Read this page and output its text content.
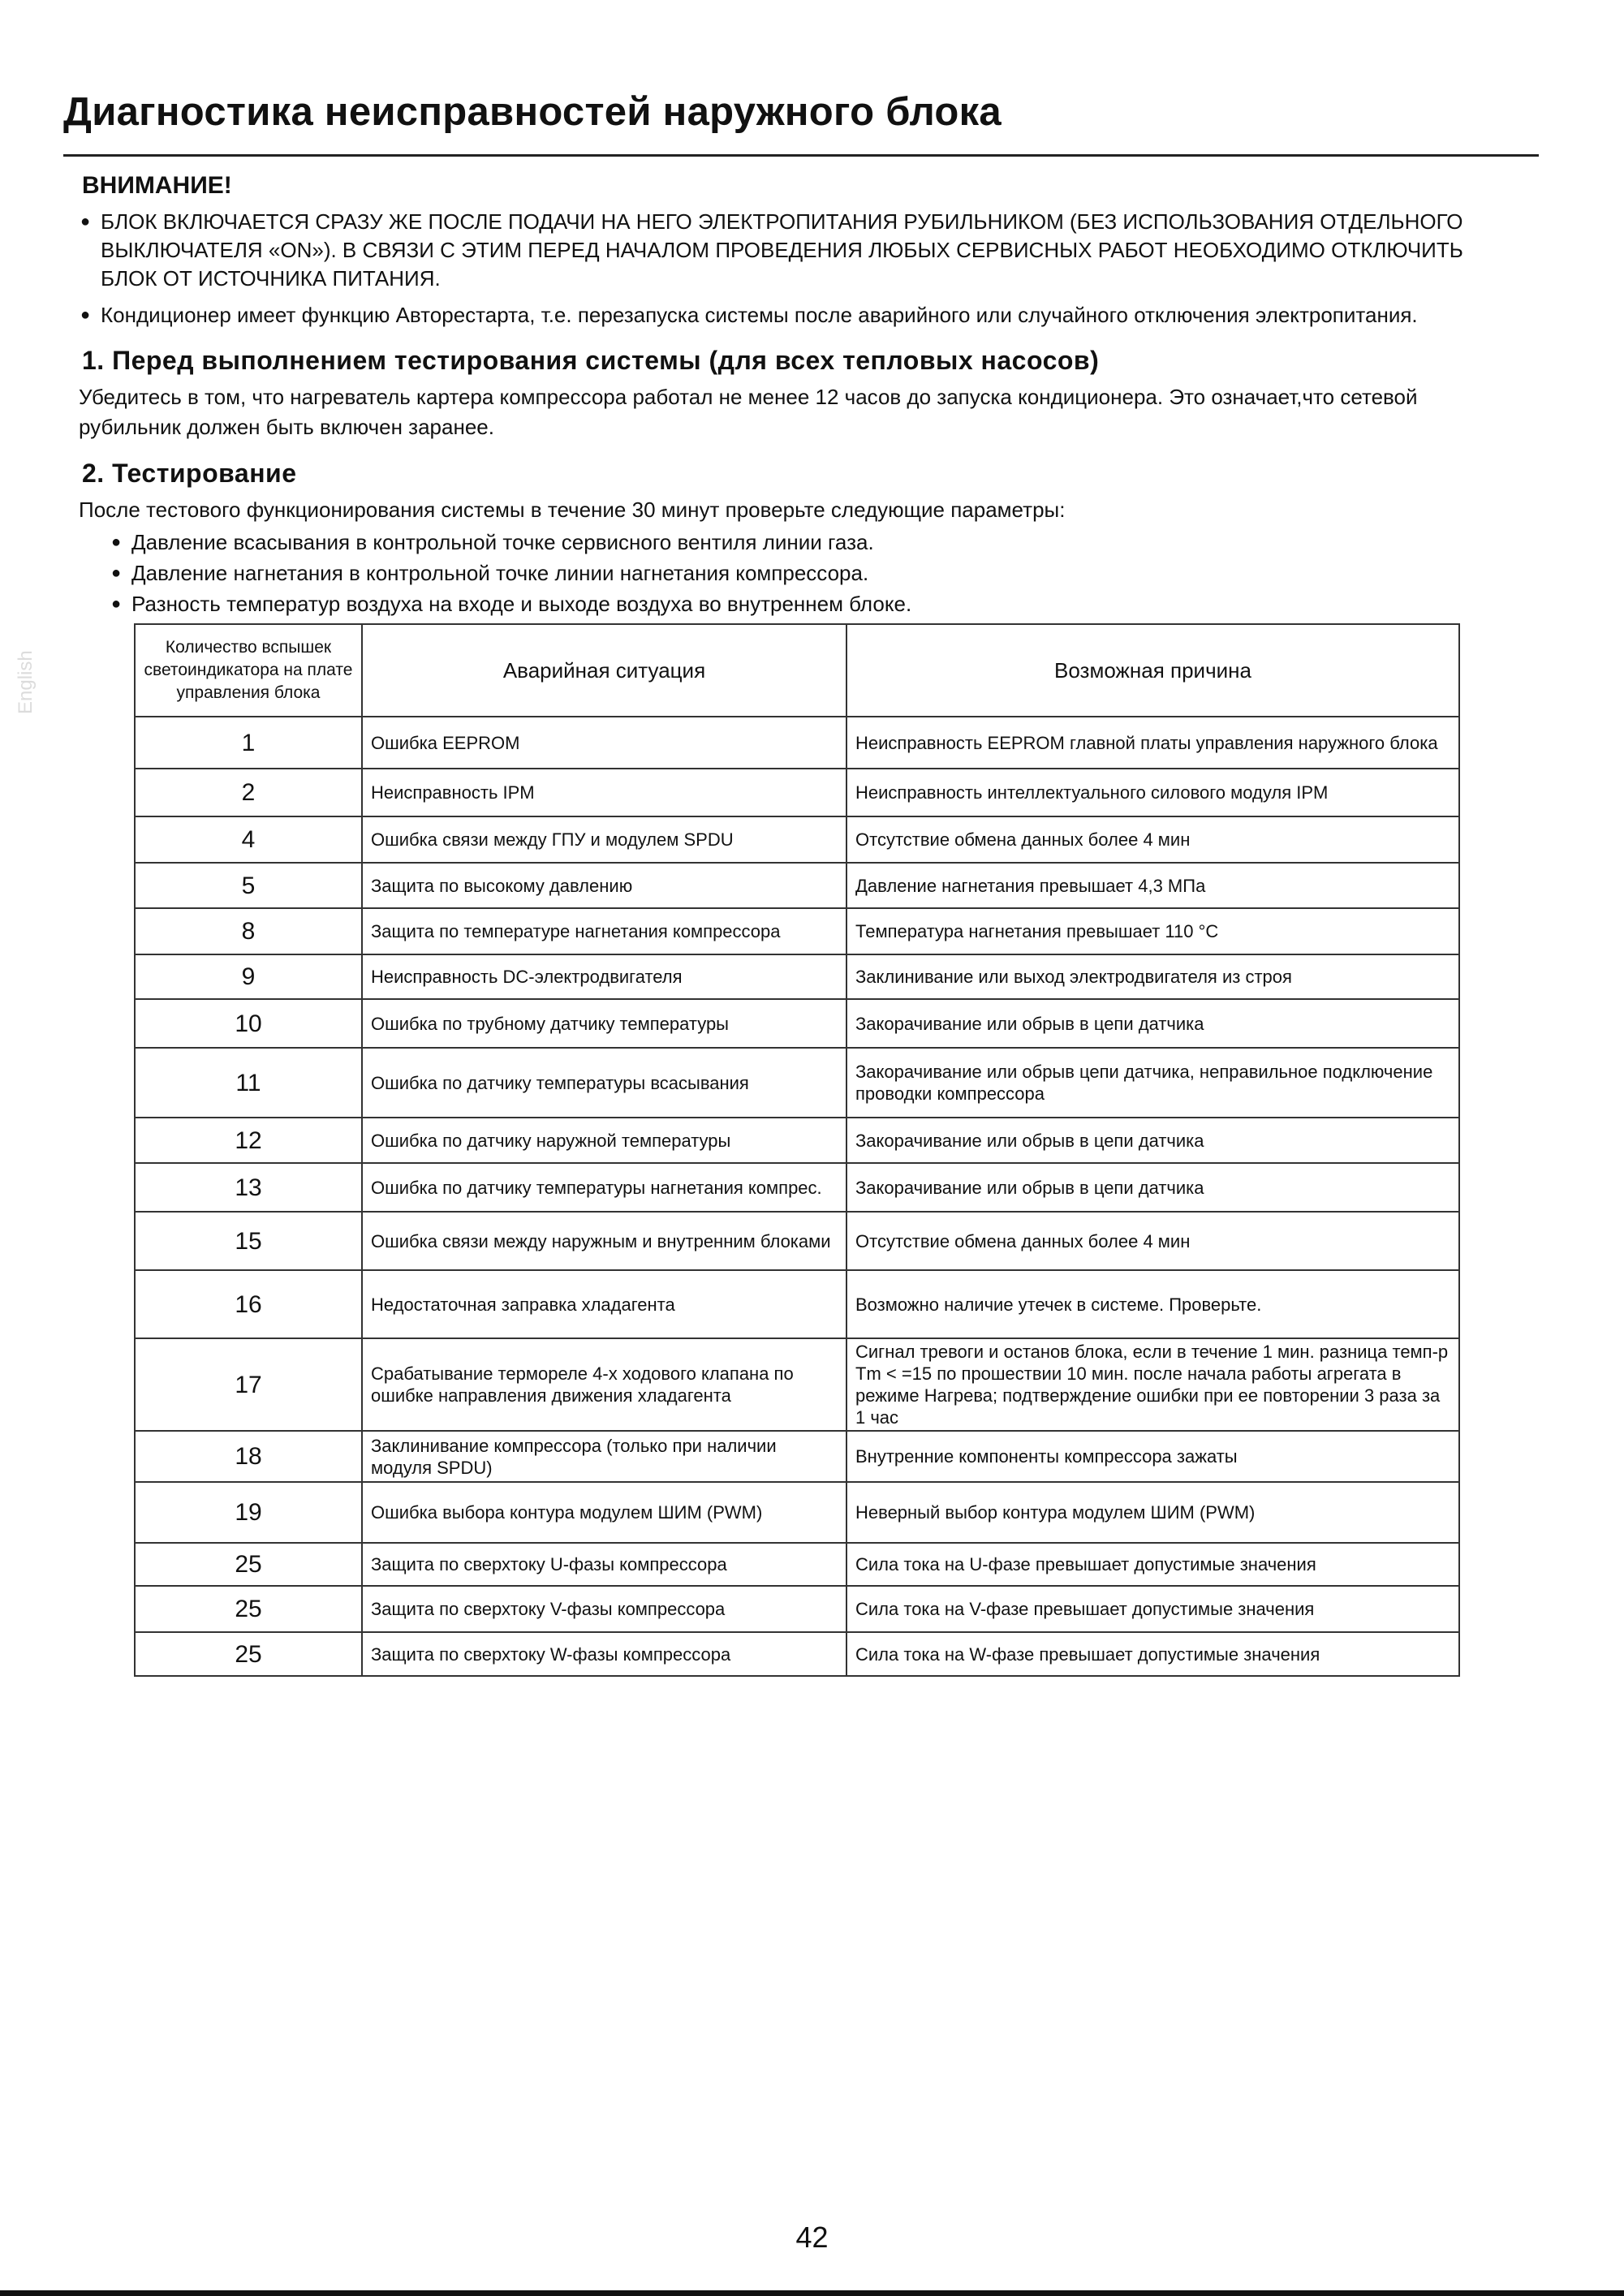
Диагностика неисправностей наружного блока
English
ВНИМАНИЕ!
● БЛОК ВКЛЮЧАЕТСЯ СРАЗУ ЖЕ ПОСЛЕ ПОДАЧИ НА НЕГО ЭЛЕКТРОПИТАНИЯ РУБИЛЬНИКОМ (БЕЗ ИСПОЛЬЗОВАНИЯ ОТДЕЛЬНОГО ВЫКЛЮЧАТЕЛЯ «ON»). В СВЯЗИ С ЭТИМ ПЕРЕД НАЧАЛОМ ПРОВЕДЕНИЯ ЛЮБЫХ СЕРВИСНЫХ РАБОТ НЕОБХОДИМО ОТКЛЮЧИТЬ БЛОК ОТ ИСТОЧНИКА ПИТАНИЯ.
● Кондиционер имеет функцию Авторестарта, т.е. перезапуска системы после аварийного или случайного отключения электропитания.
1. Перед выполнением тестирования системы (для всех тепловых насосов)

Убедитесь в том, что нагреватель картера компрессора работал не менее 12 часов до запуска кондиционера. Это означает,что сетевой рубильник должен быть включен заранее.

2. Тестирование

После тестового функционирования системы в течение 30 минут проверьте следующие параметры:

● Давление всасывания в контрольной точке сервисного вентиля линии газа.
● Давление нагнетания в контрольной точке линии нагнетания компрессора.
● Разность температур воздуха на входе и выходе воздуха во внутреннем блоке.
Количество вспышек светоиндикатора на плате управления блока	Аварийная ситуация	Возможная причина
1	Ошибка EEPROM	Неисправность EEPROM главной платы управления наружного блока
2	Неисправность IPM	Неисправность интеллектуального силового модуля IPM
4	Ошибка связи между ГПУ и модулем SPDU	Отсутствие обмена данных более 4 мин
5	Защита по высокому давлению	Давление нагнетания превышает 4,3 МПа
8	Защита по температуре нагнетания компрессора	Температура нагнетания превышает 110 °С
9	Неисправность DC-электродвигателя	Заклинивание или выход электродвигателя из строя
10	Ошибка по трубному датчику температуры	Закорачивание или обрыв в цепи датчика
11	Ошибка по датчику температуры всасывания	Закорачивание или обрыв цепи датчика, неправильное подключение проводки компрессора
12	Ошибка по датчику наружной температуры	Закорачивание или обрыв в цепи датчика
13	Ошибка по датчику температуры нагнетания компрес.	Закорачивание или обрыв в цепи датчика
15	Ошибка связи между наружным и внутренним блоками	Отсутствие обмена данных более 4 мин
16	Недостаточная заправка хладагента	Возможно наличие утечек в системе. Проверьте.
17	Срабатывание термореле 4-х ходового клапана по ошибке направления движения хладагента	Сигнал тревоги и останов блока, если в течение 1 мин. разница темп-р Tm < =15 по прошествии 10 мин. после начала работы агрегата в режиме Нагрева; подтверждение ошибки при ее повторении 3 раза за 1 час
18	Заклинивание компрессора (только при наличии модуля SPDU)	Внутренние компоненты компрессора зажаты
19	Ошибка выбора контура модулем ШИМ (PWM)	Неверный выбор контура модулем ШИМ (PWM)
25	Защита по сверхтоку U-фазы компрессора	Сила тока на U-фазе превышает допустимые значения
25	Защита по сверхтоку V-фазы компрессора	Сила тока на V-фазе превышает допустимые значения
25	Защита по сверхтоку W-фазы компрессора	Сила тока на W-фазе превышает допустимые значения
42
